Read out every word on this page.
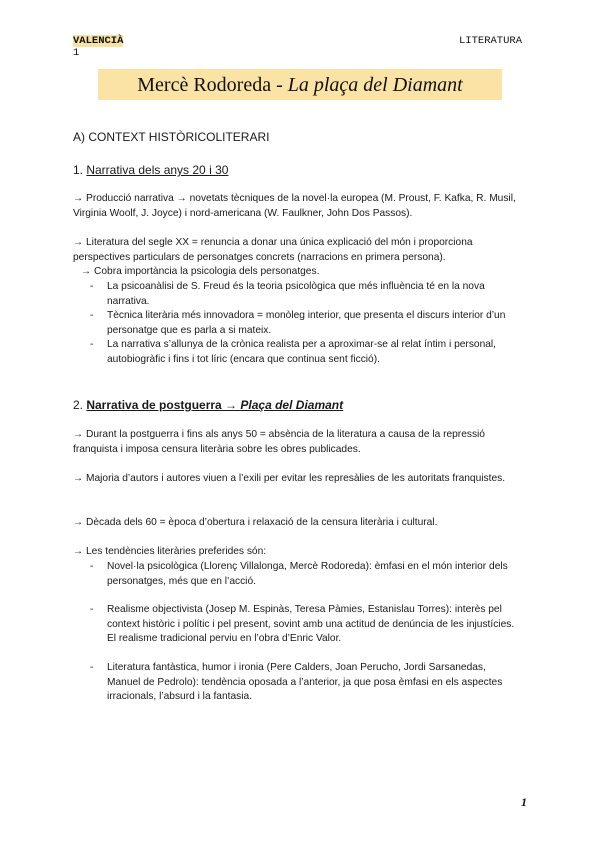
VALENCIÀ
1
LITERATURA
Mercè Rodoreda - La plaça del Diamant
A) CONTEXT HISTÒRICOLITERARI
1. Narrativa dels anys 20 i 30
→ Producció narrativa → novetats tècniques de la novel·la europea (M. Proust, F. Kafka, R. Musil, Virginia Woolf, J. Joyce) i nord-americana (W. Faulkner, John Dos Passos).
→ Literatura del segle XX = renuncia a donar una única explicació del món i proporciona perspectives particulars de personatges concrets (narracions en primera persona).
→ Cobra importància la psicologia dels personatges.
- La psicoanàlisi de S. Freud és la teoria psicològica que més influència té en la nova narrativa.
- Tècnica literària més innovadora = monòleg interior, que presenta el discurs interior d’un personatge que es parla a si mateix.
- La narrativa s’allunya de la crònica realista per a aproximar-se al relat íntim i personal, autobiogràfic i fins i tot líric (encara que continua sent ficció).
2. Narrativa de postguerra → Plaça del Diamant
→ Durant la postguerra i fins als anys 50 = absència de la literatura a causa de la repressió franquista i imposa censura literària sobre les obres publicades.
→ Majoria d’autors i autores viuen a l’exili per evitar les represàlies de les autoritats franquistes.
→ Dècada dels 60 = època d’obertura i relaxació de la censura literària i cultural.
→ Les tendències literàries preferides són:
- Novel·la psicològica (Llorenç Villalonga, Mercè Rodoreda): èmfasi en el món interior dels personatges, més que en l’acció.
- Realisme objectivista (Josep M. Espinàs, Teresa Pàmies, Estanislau Torres): interès pel context històric i polític i pel present, sovint amb una actitud de denúncia de les injustícies. El realisme tradicional perviu en l’obra d’Enric Valor.
- Literatura fantàstica, humor i ironia (Pere Calders, Joan Perucho, Jordi Sarsanedas, Manuel de Pedrolo): tendència oposada a l’anterior, ja que posa èmfasi en els aspectes irracionals, l’absurd i la fantasia.
1
